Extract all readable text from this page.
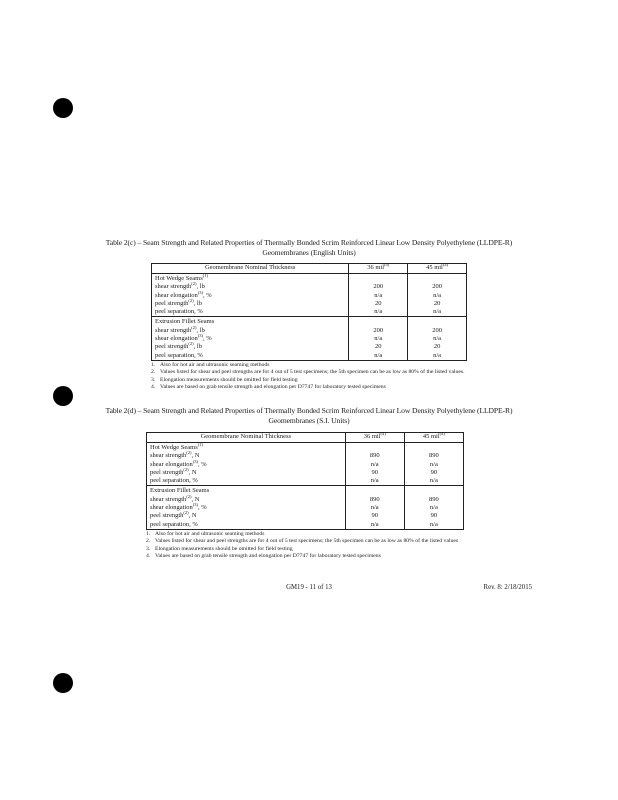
Table 2(c) – Seam Strength and Related Properties of Thermally Bonded Scrim Reinforced Linear Low Density Polyethylene (LLDPE-R)
Geomembranes (English Units)
Geomembrane Nominal Thickness	36 mil$^{(4)}$	45 mil$^{(4)}$
Hot Wedge Seams$^{(1)}$		
shear strength$^{(2)}$, lb	200	200
shear elongation$^{(3)}$, %	n/a	n/a
peel strength$^{(2)}$, lb	20	20
peel separation, %	n/a	n/a
Extrusion Fillet Seams		
shear strength$^{(2)}$, lb	200	200
shear elongation$^{(3)}$, %	n/a	n/a
peel strength$^{(2)}$, lb	20	20
peel separation, %	n/a	n/a
1. Also for hot air and ultrasonic seaming methods
2. Values listed for shear and peel strengths are for 4 out of 5 test specimens; the 5th specimen can be as low as 80% of the listed values.
3. Elongation measurements should be omitted for field testing
4. Values are based on grab tensile strength and elongation per D7747 for laboratory tested specimens
Table 2(d) – Seam Strength and Related Properties of Thermally Bonded Scrim Reinforced Linear Low Density Polyethylene (LLDPE-R)
Geomembranes (S.I. Units)
Geomembrane Nominal Thickness	36 mil$^{(4)}$	45 mil$^{(4)}$
Hot Wedge Seams$^{(1)}$		
shear strength$^{(2)}$, N	890	890
shear elongation$^{(3)}$, %	n/a	n/a
peel strength$^{(2)}$, N	90	90
peel separation, %	n/a	n/a
Extrusion Fillet Seams		
shear strength$^{(2)}$, N	890	890
shear elongation$^{(3)}$, %	n/a	n/a
peel strength$^{(2)}$, N	90	90
peel separation, %	n/a	n/a
1. Also for hot air and ultrasonic seaming methods
2. Values listed for shear and peel strengths are for 4 out of 5 test specimens; the 5th specimen can be as low as 80% of the listed values
3. Elongation measurements should be omitted for field testing
4. Values are based on grab tensile strength and elongation per D7747 for laboratory tested specimens
GM19 - 11 of 13	Rev. 8: 2/18/2015
